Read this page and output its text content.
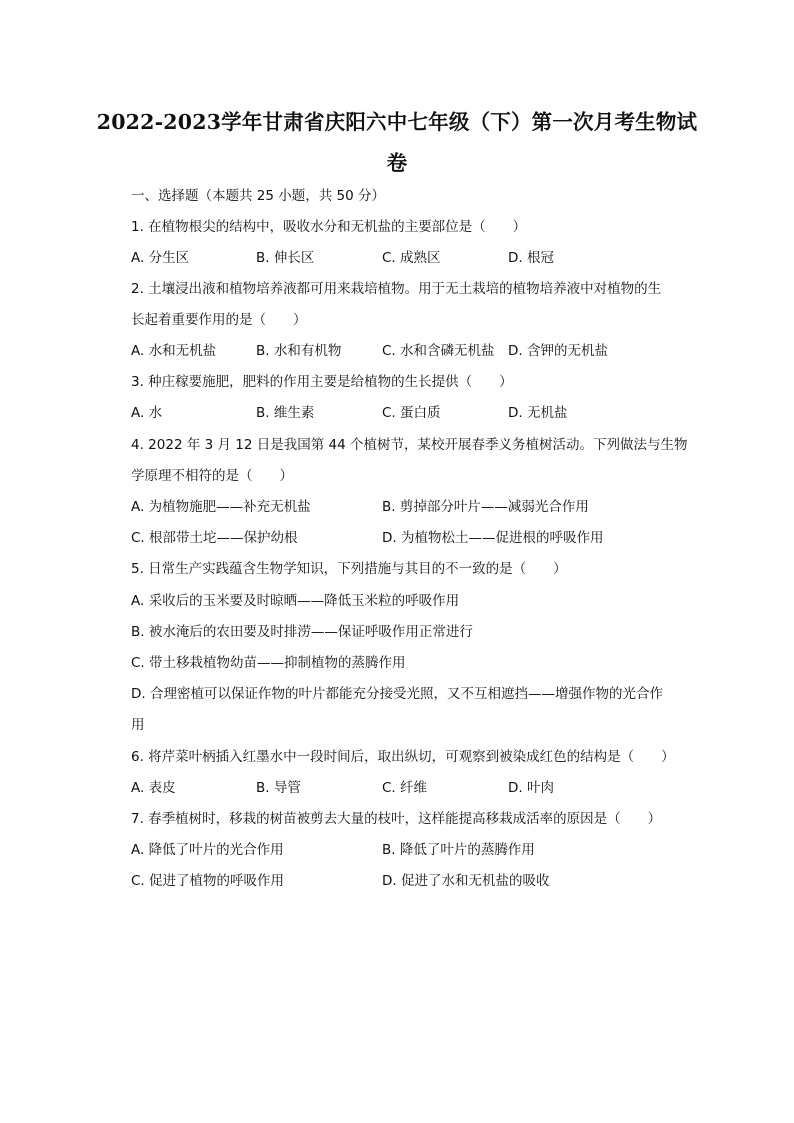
2022-2023学年甘肃省庆阳六中七年级（下）第一次月考生物试
卷
一、选择题（本题共 25 小题，共 50 分）
1. 在植物根尖的结构中，吸收水分和无机盐的主要部位是（　　）
A. 分生区	B. 伸长区	C. 成熟区	D. 根冠
2. 土壤浸出液和植物培养液都可用来栽培植物。用于无土栽培的植物培养液中对植物的生
长起着重要作用的是（　　）
A. 水和无机盐	B. 水和有机物	C. 水和含磷无机盐 D. 含钾的无机盐
3. 种庄稼要施肥，肥料的作用主要是给植物的生长提供（　　）
A. 水	B. 维生素	C. 蛋白质	D. 无机盐
4. 2022 年 3 月 12 日是我国第 44 个植树节，某校开展春季义务植树活动。下列做法与生物
学原理不相符的是（　　）
A. 为植物施肥——补充无机盐	B. 剪掉部分叶片——减弱光合作用
C. 根部带土坨——保护幼根	D. 为植物松土——促进根的呼吸作用
5. 日常生产实践蕴含生物学知识，下列措施与其目的不一致的是（　　）
A. 采收后的玉米要及时晾晒——降低玉米粒的呼吸作用
B. 被水淹后的农田要及时排涝——保证呼吸作用正常进行
C. 带土移栽植物幼苗——抑制植物的蒸腾作用
D. 合理密植可以保证作物的叶片都能充分接受光照，又不互相遮挡——增强作物的光合作
用
6. 将芹菜叶柄插入红墨水中一段时间后，取出纵切，可观察到被染成红色的结构是（　　）
A. 表皮	B. 导管	C. 纤维	D. 叶肉
7. 春季植树时，移栽的树苗被剪去大量的枝叶，这样能提高移栽成活率的原因是（　　）
A. 降低了叶片的光合作用	B. 降低了叶片的蒸腾作用
C. 促进了植物的呼吸作用	D. 促进了水和无机盐的吸收
